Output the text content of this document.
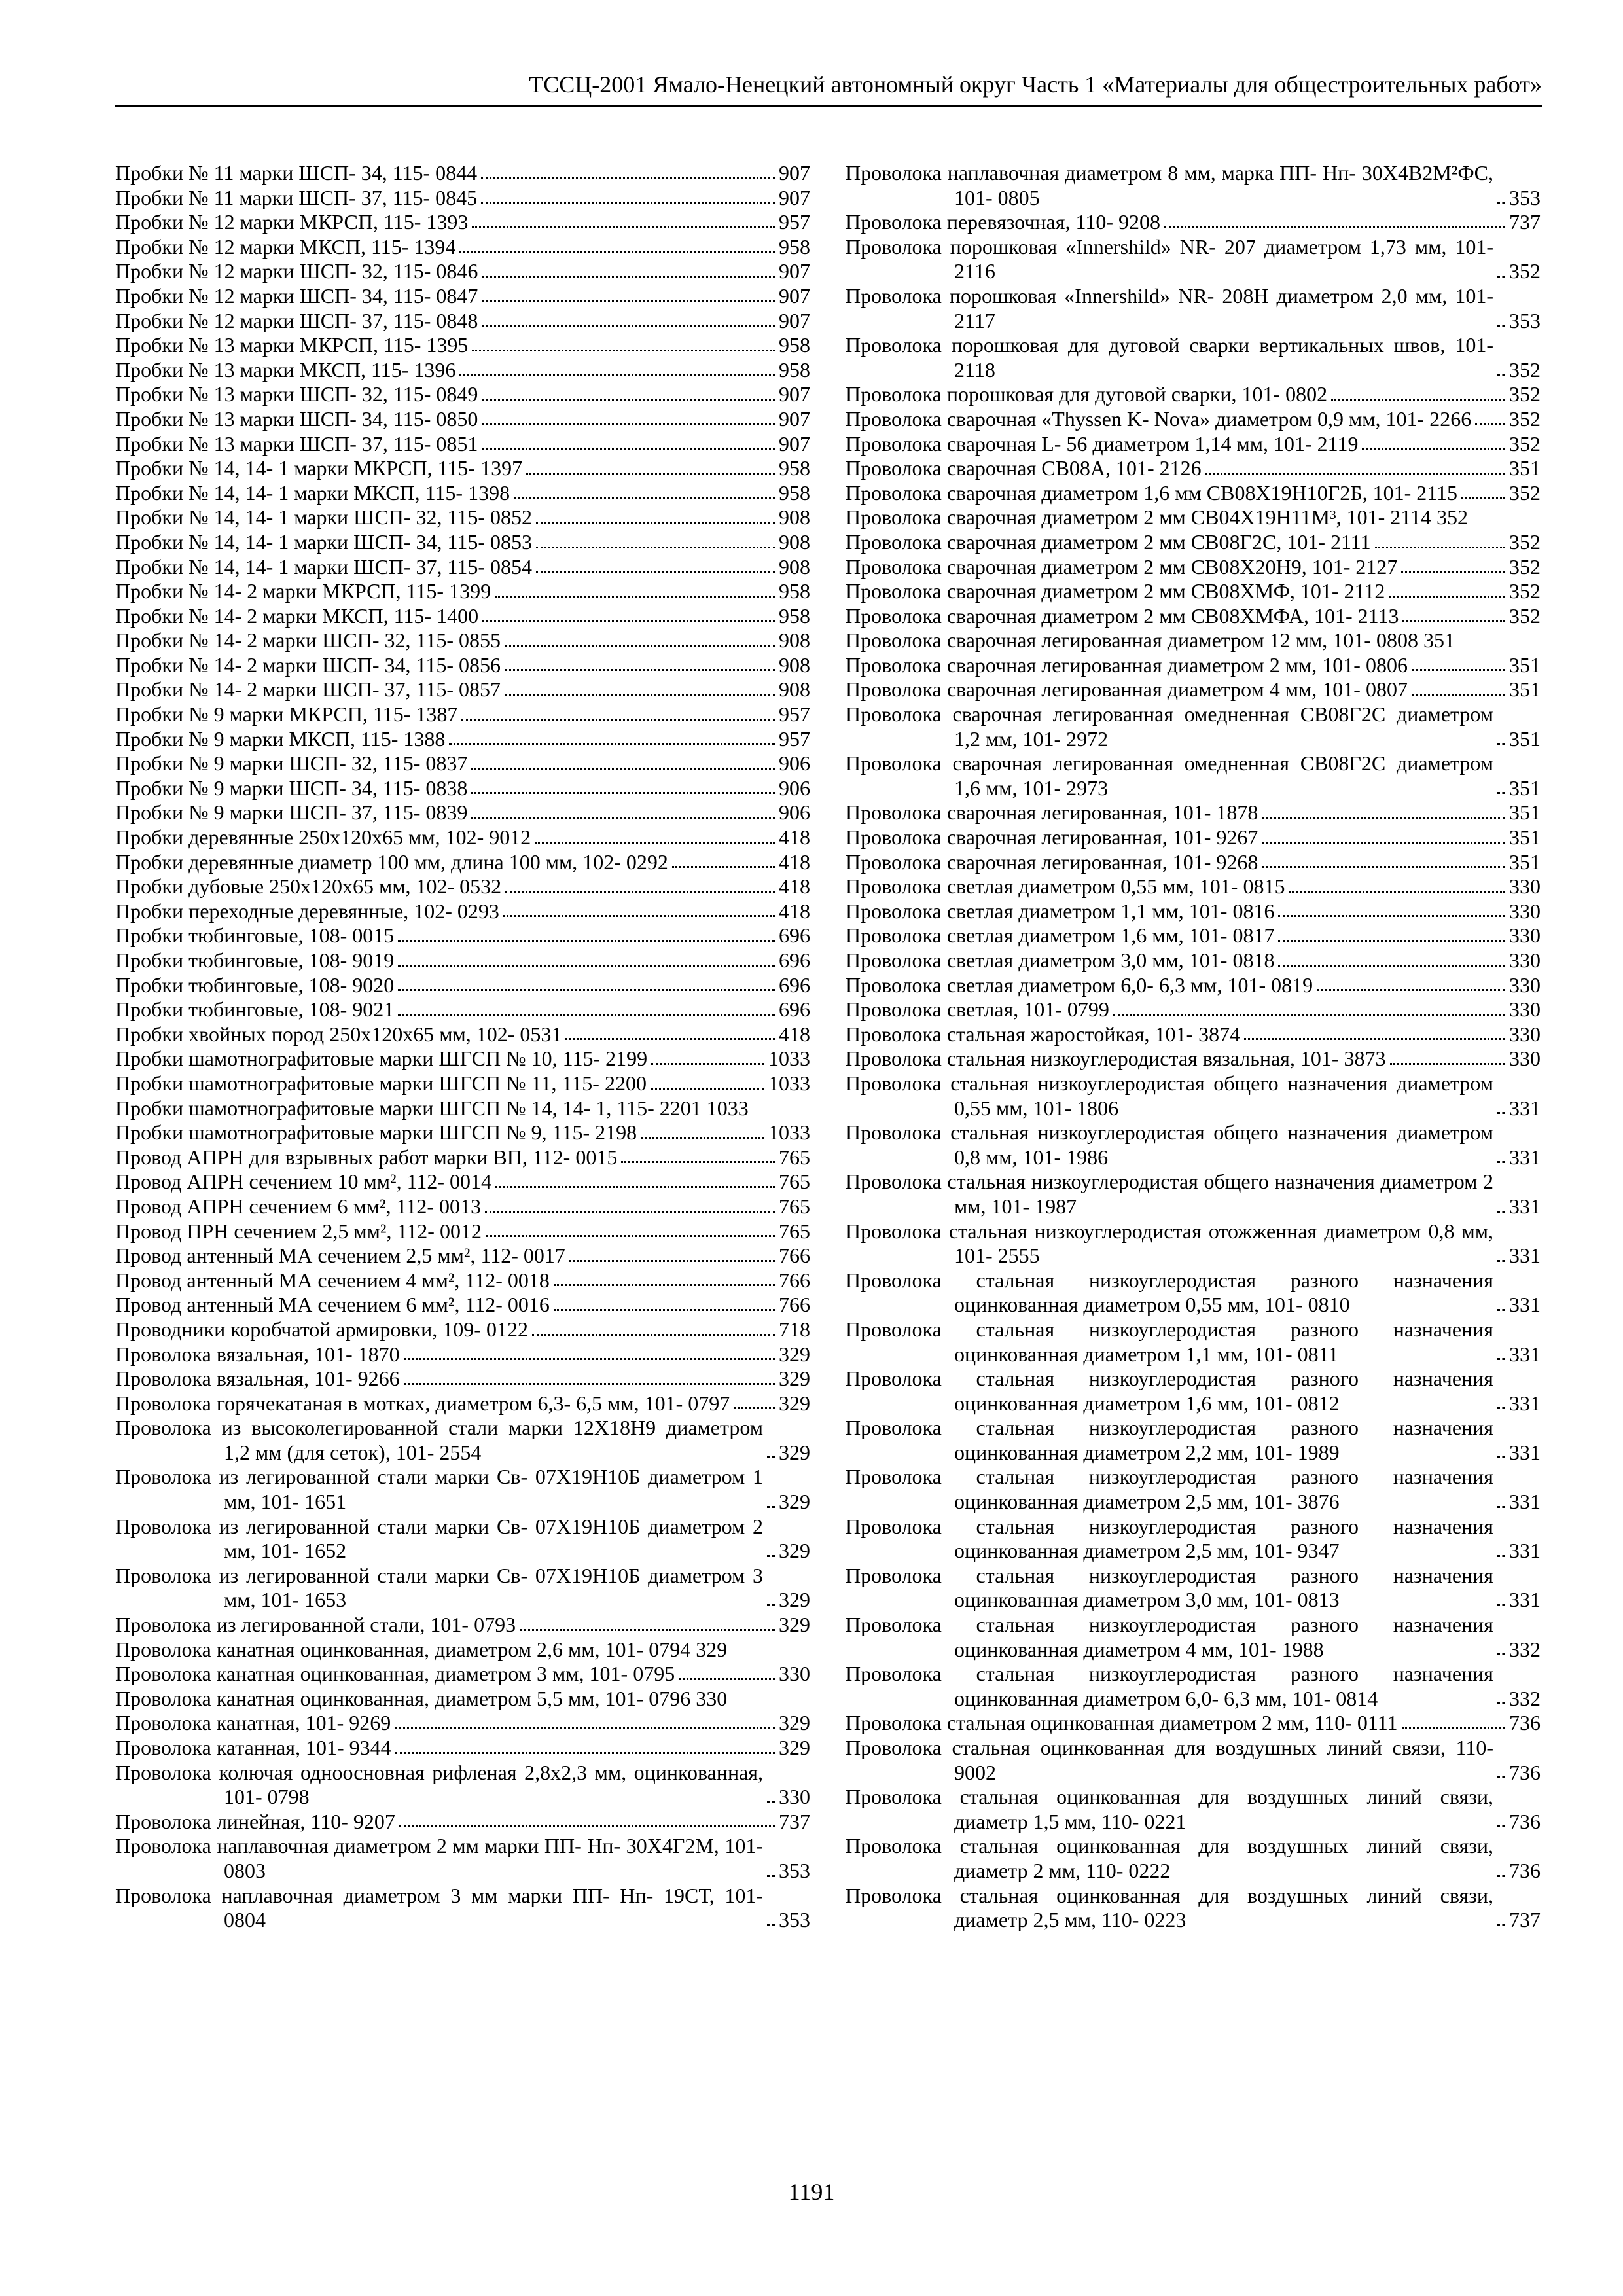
ТССЦ-2001 Ямало-Ненецкий автономный округ Часть 1 «Материалы для общестроительных работ»
Пробки № 11 марки ШСП- 34, 115- 0844	907
Пробки № 11 марки ШСП- 37, 115- 0845	907
Пробки № 12 марки МКРСП, 115- 1393	957
Пробки № 12 марки МКСП, 115- 1394	958
Пробки № 12 марки ШСП- 32, 115- 0846	907
Пробки № 12 марки ШСП- 34, 115- 0847	907
Пробки № 12 марки ШСП- 37, 115- 0848	907
Пробки № 13 марки МКРСП, 115- 1395	958
Пробки № 13 марки МКСП, 115- 1396	958
Пробки № 13 марки ШСП- 32, 115- 0849	907
Пробки № 13 марки ШСП- 34, 115- 0850	907
Пробки № 13 марки ШСП- 37, 115- 0851	907
Пробки № 14, 14- 1 марки МКРСП, 115- 1397	958
Пробки № 14, 14- 1 марки МКСП, 115- 1398	958
Пробки № 14, 14- 1 марки ШСП- 32, 115- 0852	908
Пробки № 14, 14- 1 марки ШСП- 34, 115- 0853	908
Пробки № 14, 14- 1 марки ШСП- 37, 115- 0854	908
Пробки № 14- 2 марки МКРСП, 115- 1399	958
Пробки № 14- 2 марки МКСП, 115- 1400	958
Пробки № 14- 2 марки ШСП- 32, 115- 0855	908
Пробки № 14- 2 марки ШСП- 34, 115- 0856	908
Пробки № 14- 2 марки ШСП- 37, 115- 0857	908
Пробки № 9 марки МКРСП, 115- 1387	957
Пробки № 9 марки МКСП, 115- 1388	957
Пробки № 9 марки ШСП- 32, 115- 0837	906
Пробки № 9 марки ШСП- 34, 115- 0838	906
Пробки № 9 марки ШСП- 37, 115- 0839	906
Пробки деревянные 250х120х65 мм, 102- 9012	418
Пробки деревянные диаметр 100 мм, длина 100 мм, 102- 0292	418
Пробки дубовые 250х120х65 мм, 102- 0532	418
Пробки переходные деревянные, 102- 0293	418
Пробки тюбинговые, 108- 0015	696
Пробки тюбинговые, 108- 9019	696
Пробки тюбинговые, 108- 9020	696
Пробки тюбинговые, 108- 9021	696
Пробки хвойных пород 250х120х65 мм, 102- 0531	418
Пробки шамотнографитовые марки ШГСП № 10, 115- 2199	1033
Пробки шамотнографитовые марки ШГСП № 11, 115- 2200	1033
Пробки шамотнографитовые марки ШГСП № 14, 14- 1, 115- 2201 1033
Пробки шамотнографитовые марки ШГСП № 9, 115- 2198	1033
Провод АПРН для взрывных работ марки ВП, 112- 0015	765
Провод АПРН сечением 10 мм², 112- 0014	765
Провод АПРН сечением 6 мм², 112- 0013	765
Провод ПРН сечением 2,5 мм², 112- 0012	765
Провод антенный МА сечением 2,5 мм², 112- 0017	766
Провод антенный МА сечением 4 мм², 112- 0018	766
Провод антенный МА сечением 6 мм², 112- 0016	766
Проводники коробчатой армировки, 109- 0122	718
Проволока вязальная, 101- 1870	329
Проволока вязальная, 101- 9266	329
Проволока горячекатаная в мотках, диаметром 6,3- 6,5 мм, 101- 0797 329
Проволока из высоколегированной стали марки 12Х18Н9 диаметром 1,2 мм (для сеток), 101- 2554	329
Проволока из легированной стали марки Св- 07Х19Н10Б диаметром 1 мм, 101- 1651	329
Проволока из легированной стали марки Св- 07Х19Н10Б диаметром 2 мм, 101- 1652	329
Проволока из легированной стали марки Св- 07Х19Н10Б диаметром 3 мм, 101- 1653	329
Проволока из легированной стали, 101- 0793	329
Проволока канатная оцинкованная, диаметром 2,6 мм, 101- 0794 329
Проволока канатная оцинкованная, диаметром 3 мм, 101- 0795	330
Проволока канатная оцинкованная, диаметром 5,5 мм, 101- 0796 330
Проволока канатная, 101- 9269	329
Проволока катанная, 101- 9344	329
Проволока колючая одноосновная рифленая 2,8х2,3 мм, оцинкованная, 101- 0798	330
Проволока линейная, 110- 9207	737
Проволока наплавочная диаметром 2 мм марки ПП- Нп- 30Х4Г2М, 101- 0803	353
Проволока наплавочная диаметром 3 мм марки ПП- Нп- 19СТ, 101- 0804	353
Проволока наплавочная диаметром 8 мм, марка ПП- Нп- 30Х4В2М²ФС, 101- 0805	353
Проволока перевязочная, 110- 9208	737
Проволока порошковая «Innershild» NR- 207 диаметром 1,73 мм, 101- 2116	352
Проволока порошковая «Innershild» NR- 208H диаметром 2,0 мм, 101- 2117	353
Проволока порошковая для дуговой сварки вертикальных швов, 101- 2118	352
Проволока порошковая для дуговой сварки, 101- 0802	352
Проволока сварочная «Thyssen K- Nova» диаметром 0,9 мм, 101- 2266 352
Проволока сварочная L- 56 диаметром 1,14 мм, 101- 2119	352
Проволока сварочная СВ08А, 101- 2126	351
Проволока сварочная диаметром 1,6 мм СВ08Х19Н10Г2Б, 101- 2115 352
Проволока сварочная диаметром 2 мм СВ04Х19Н11М³, 101- 2114 352
Проволока сварочная диаметром 2 мм СВ08Г2С, 101- 2111	352
Проволока сварочная диаметром 2 мм СВ08Х20Н9, 101- 2127	352
Проволока сварочная диаметром 2 мм СВ08ХМФ, 101- 2112	352
Проволока сварочная диаметром 2 мм СВ08ХМФА, 101- 2113	352
Проволока сварочная легированная диаметром 12 мм, 101- 0808 351
Проволока сварочная легированная диаметром 2 мм, 101- 0806	351
Проволока сварочная легированная диаметром 4 мм, 101- 0807	351
Проволока сварочная легированная омедненная СВ08Г2С диаметром 1,2 мм, 101- 2972	351
Проволока сварочная легированная омедненная СВ08Г2С диаметром 1,6 мм, 101- 2973	351
Проволока сварочная легированная, 101- 1878	351
Проволока сварочная легированная, 101- 9267	351
Проволока сварочная легированная, 101- 9268	351
Проволока светлая диаметром 0,55 мм, 101- 0815	330
Проволока светлая диаметром 1,1 мм, 101- 0816	330
Проволока светлая диаметром 1,6 мм, 101- 0817	330
Проволока светлая диаметром 3,0 мм, 101- 0818	330
Проволока светлая диаметром 6,0- 6,3 мм, 101- 0819	330
Проволока светлая, 101- 0799	330
Проволока стальная жаростойкая, 101- 3874	330
Проволока стальная низкоуглеродистая вязальная, 101- 3873	330
Проволока стальная низкоуглеродистая общего назначения диаметром 0,55 мм, 101- 1806	331
Проволока стальная низкоуглеродистая общего назначения диаметром 0,8 мм, 101- 1986	331
Проволока стальная низкоуглеродистая общего назначения диаметром 2 мм, 101- 1987	331
Проволока стальная низкоуглеродистая отожженная диаметром 0,8 мм, 101- 2555	331
Проволока стальная низкоуглеродистая разного назначения оцинкованная диаметром 0,55 мм, 101- 0810	331
Проволока стальная низкоуглеродистая разного назначения оцинкованная диаметром 1,1 мм, 101- 0811	331
Проволока стальная низкоуглеродистая разного назначения оцинкованная диаметром 1,6 мм, 101- 0812	331
Проволока стальная низкоуглеродистая разного назначения оцинкованная диаметром 2,2 мм, 101- 1989	331
Проволока стальная низкоуглеродистая разного назначения оцинкованная диаметром 2,5 мм, 101- 3876	331
Проволока стальная низкоуглеродистая разного назначения оцинкованная диаметром 2,5 мм, 101- 9347	331
Проволока стальная низкоуглеродистая разного назначения оцинкованная диаметром 3,0 мм, 101- 0813	331
Проволока стальная низкоуглеродистая разного назначения оцинкованная диаметром 4 мм, 101- 1988	332
Проволока стальная низкоуглеродистая разного назначения оцинкованная диаметром 6,0- 6,3 мм, 101- 0814	332
Проволока стальная оцинкованная диаметром 2 мм, 110- 0111	736
Проволока стальная оцинкованная для воздушных линий связи, 110- 9002	736
Проволока стальная оцинкованная для воздушных линий связи, диаметр 1,5 мм, 110- 0221	736
Проволока стальная оцинкованная для воздушных линий связи, диаметр 2 мм, 110- 0222	736
Проволока стальная оцинкованная для воздушных линий связи, диаметр 2,5 мм, 110- 0223	737
1191
